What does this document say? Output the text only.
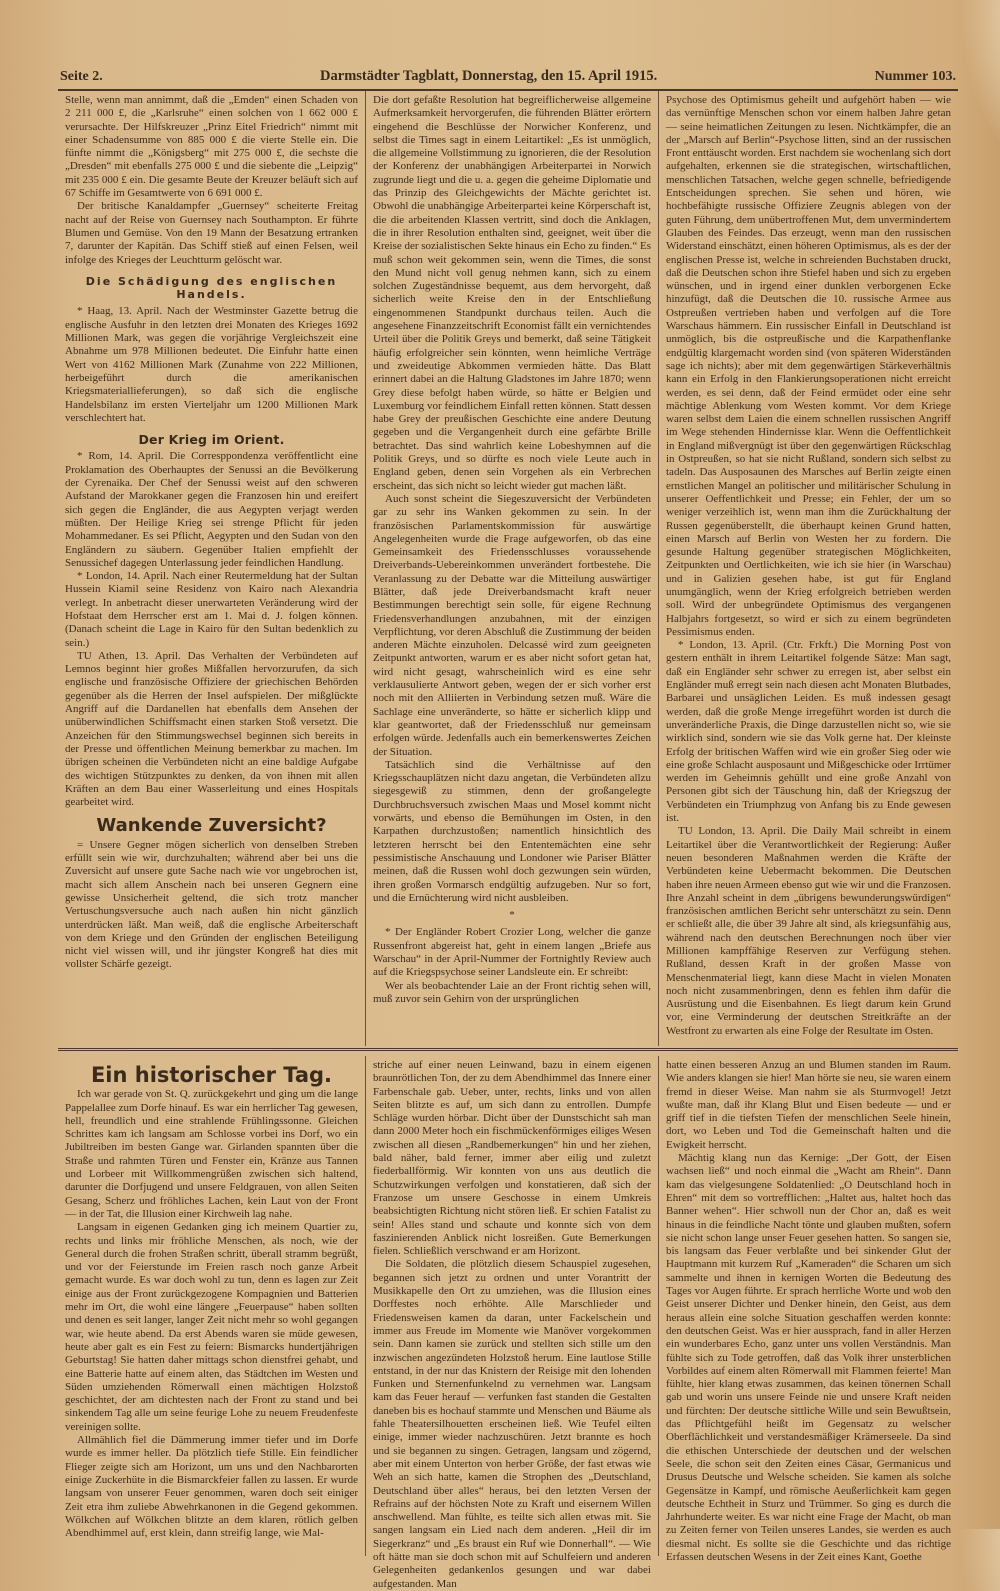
Seite 2.	Darmstädter Tagblatt, Donnerstag, den 15. April 1915.	Nummer 103.

Stelle, wenn man annimmt, daß die „Emden“ einen Schaden von 2 211 000 £, die „Karlsruhe“ einen solchen von 1 662 000 £ verursachte. Der Hilfskreuzer „Prinz Eitel Friedrich“ nimmt mit einer Schadensumme von 885 000 £ die vierte Stelle ein. Die fünfte nimmt die „Königsberg“ mit 275 000 £, die sechste die „Dresden“ mit ebenfalls 275 000 £ und die siebente die „Leipzig“ mit 235 000 £ ein. Die gesamte Beute der Kreuzer beläuft sich auf 67 Schiffe im Gesamtwerte von 6 691 000 £.

Der britische Kanaldampfer „Guernsey“ scheiterte Freitag nacht auf der Reise von Guernsey nach Southampton. Er führte Blumen und Gemüse. Von den 19 Mann der Besatzung ertranken 7, darunter der Kapitän. Das Schiff stieß auf einen Felsen, weil infolge des Krieges der Leuchtturm gelöscht war.

Die Schädigung des englischen Handels.

* Haag, 13. April. Nach der Westminster Gazette betrug die englische Ausfuhr in den letzten drei Monaten des Krieges 1692 Millionen Mark, was gegen die vorjährige Vergleichszeit eine Abnahme um 978 Millionen bedeutet. Die Einfuhr hatte einen Wert von 4162 Millionen Mark (Zunahme von 222 Millionen, herbeigeführt durch die amerikanischen Kriegsmateriallieferungen), so daß sich die englische Handelsbilanz im ersten Vierteljahr um 1200 Millionen Mark verschlechtert hat.

Der Krieg im Orient.

* Rom, 14. April. Die Corresppondenza veröffentlicht eine Proklamation des Oberhauptes der Senussi an die Bevölkerung der Cyrenaika. Der Chef der Senussi weist auf den schweren Aufstand der Marokkaner gegen die Franzosen hin und ereifert sich gegen die Engländer, die aus Aegypten verjagt werden müßten. Der Heilige Krieg sei strenge Pflicht für jeden Mohammedaner. Es sei Pflicht, Aegypten und den Sudan von den Engländern zu säubern. Gegenüber Italien empfiehlt der Senussichef dagegen Unterlassung jeder feindlichen Handlung.

* London, 14. April. Nach einer Reutermeldung hat der Sultan Hussein Kiamil seine Residenz von Kairo nach Alexandria verlegt. In anbetracht dieser unerwarteten Veränderung wird der Hofstaat dem Herrscher erst am 1. Mai d. J. folgen können. (Danach scheint die Lage in Kairo für den Sultan bedenklich zu sein.)

TU Athen, 13. April. Das Verhalten der Verbündeten auf Lemnos beginnt hier großes Mißfallen hervorzurufen, da sich englische und französische Offiziere der griechischen Behörden gegenüber als die Herren der Insel aufspielen. Der mißglückte Angriff auf die Dardanellen hat ebenfalls dem Ansehen der unüberwindlichen Schiffsmacht einen starken Stoß versetzt. Die Anzeichen für den Stimmungswechsel beginnen sich bereits in der Presse und öffentlichen Meinung bemerkbar zu machen. Im übrigen scheinen die Verbündeten nicht an eine baldige Aufgabe des wichtigen Stützpunktes zu denken, da von ihnen mit allen Kräften an dem Bau einer Wasserleitung und eines Hospitals gearbeitet wird.

Wankende Zuversicht?

= Unsere Gegner mögen sicherlich von denselben Streben erfüllt sein wie wir, durchzuhalten; während aber bei uns die Zuversicht auf unsere gute Sache nach wie vor ungebrochen ist, macht sich allem Anschein nach bei unseren Gegnern eine gewisse Unsicherheit geltend, die sich trotz mancher Vertuschungsversuche auch nach außen hin nicht gänzlich unterdrücken läßt. Man weiß, daß die englische Arbeiterschaft von dem Kriege und den Gründen der englischen Beteiligung nicht viel wissen will, und ihr jüngster Kongreß hat dies mit vollster Schärfe gezeigt.

Die dort gefaßte Resolution hat begreiflicherweise allgemeine Aufmerksamkeit hervorgerufen, die führenden Blätter erörtern eingehend die Beschlüsse der Norwicher Konferenz, und selbst die Times sagt in einem Leitartikel: „Es ist unmöglich, die allgemeine Vollstimmung zu ignorieren, die der Resolution der Konferenz der unabhängigen Arbeiterpartei in Norwich zugrunde liegt und die u. a. gegen die geheime Diplomatie und das Prinzip des Gleichgewichts der Mächte gerichtet ist. Obwohl die unabhängige Arbeiterpartei keine Körperschaft ist, die die arbeitenden Klassen vertritt, sind doch die Anklagen, die in ihrer Resolution enthalten sind, geeignet, weit über die Kreise der sozialistischen Sekte hinaus ein Echo zu finden.“ Es muß schon weit gekommen sein, wenn die Times, die sonst den Mund nicht voll genug nehmen kann, sich zu einem solchen Zugeständnisse bequemt, aus dem hervorgeht, daß sicherlich weite Kreise den in der Entschließung eingenommenen Standpunkt durchaus teilen. Auch die angesehene Finanzzeitschrift Economist fällt ein vernichtendes Urteil über die Politik Greys und bemerkt, daß seine Tätigkeit häufig erfolgreicher sein könnten, wenn heimliche Verträge und zweideutige Abkommen vermieden hätte. Das Blatt erinnert dabei an die Haltung Gladstones im Jahre 1870; wenn Grey diese befolgt haben würde, so hätte er Belgien und Luxemburg vor feindlichem Einfall retten können. Statt dessen habe Grey der preußischen Geschichte eine andere Deutung gegeben und die Vergangenheit durch eine gefärbte Brille betrachtet. Das sind wahrlich keine Lobeshymnen auf die Politik Greys, und so dürfte es noch viele Leute auch in England geben, denen sein Vorgehen als ein Verbrechen erscheint, das sich nicht so leicht wieder gut machen läßt.

Auch sonst scheint die Siegeszuversicht der Verbündeten gar zu sehr ins Wanken gekommen zu sein. In der französischen Parlamentskommission für auswärtige Angelegenheiten wurde die Frage aufgeworfen, ob das eine Gemeinsamkeit des Friedensschlusses voraussehende Dreiverbands-Uebereinkommen unverändert fortbestehe. Die Veranlassung zu der Debatte war die Mitteilung auswärtiger Blätter, daß jede Dreiverbandsmacht kraft neuer Bestimmungen berechtigt sein solle, für eigene Rechnung Friedensverhandlungen anzubahnen, mit der einzigen Verpflichtung, vor deren Abschluß die Zustimmung der beiden anderen Mächte einzuholen. Delcassé wird zum geeigneten Zeitpunkt antworten, warum er es aber nicht sofort getan hat, wird nicht gesagt, wahrscheinlich wird es eine sehr verklausulierte Antwort geben, wegen der er sich vorher erst noch mit den Alliierten in Verbindung setzen muß. Wäre die Sachlage eine unveränderte, so hätte er sicherlich klipp und klar geantwortet, daß der Friedensschluß nur gemeinsam erfolgen würde. Jedenfalls auch ein bemerkenswertes Zeichen der Situation.

Tatsächlich sind die Verhältnisse auf den Kriegsschauplätzen nicht dazu angetan, die Verbündeten allzu siegesgewiß zu stimmen, denn der großangelegte Durchbruchsversuch zwischen Maas und Mosel kommt nicht vorwärts, und ebenso die Bemühungen im Osten, in den Karpathen durchzustoßen; namentlich hinsichtlich des letzteren herrscht bei den Ententemächten eine sehr pessimistische Anschauung und Londoner wie Pariser Blätter meinen, daß die Russen wohl doch gezwungen sein würden, ihren großen Vormarsch endgültig aufzugeben. Nur so fort, und die Ernüchterung wird nicht ausbleiben.

*

* Der Engländer Robert Crozier Long, welcher die ganze Russenfront abgereist hat, geht in einem langen „Briefe aus Warschau“ in der April-Nummer der Fortnightly Review auch auf die Kriegspsychose seiner Landsleute ein. Er schreibt:

Wer als beobachtender Laie an der Front richtig sehen will, muß zuvor sein Gehirn von der ursprünglichen

Psychose des Optimismus geheilt und aufgehört haben — wie das vernünftige Menschen schon vor einem halben Jahre getan — seine heimatlichen Zeitungen zu lesen. Nichtkämpfer, die an der „Marsch auf Berlin“-Psychose litten, sind an der russischen Front enttäuscht worden. Erst nachdem sie wochenlang sich dort aufgehalten, erkennen sie die strategischen, wirtschaftlichen, menschlichen Tatsachen, welche gegen schnelle, befriedigende Entscheidungen sprechen. Sie sehen und hören, wie hochbefähigte russische Offiziere Zeugnis ablegen von der guten Führung, dem unübertroffenen Mut, dem unvermindertem Glauben des Feindes. Das erzeugt, wenn man den russischen Widerstand einschätzt, einen höheren Optimismus, als es der der englischen Presse ist, welche in schreienden Buchstaben druckt, daß die Deutschen schon ihre Stiefel haben und sich zu ergeben wünschen, und in irgend einer dunklen verborgenen Ecke hinzufügt, daß die Deutschen die 10. russische Armee aus Ostpreußen vertrieben haben und verfolgen auf die Tore Warschaus hämmern. Ein russischer Einfall in Deutschland ist unmöglich, bis die ostpreußische und die Karpathenflanke endgültig klargemacht worden sind (von späteren Widerständen sage ich nichts); aber mit dem gegenwärtigen Stärkeverhältnis kann ein Erfolg in den Flankierungsoperationen nicht erreicht werden, es sei denn, daß der Feind ermüdet oder eine sehr mächtige Ablenkung vom Westen kommt. Vor dem Kriege waren selbst dem Laien die einem schnellen russischen Angriff im Wege stehenden Hindernisse klar. Wenn die Oeffentlichkeit in England mißvergnügt ist über den gegenwärtigen Rückschlag in Ostpreußen, so hat sie nicht Rußland, sondern sich selbst zu tadeln. Das Ausposaunen des Marsches auf Berlin zeigte einen ernstlichen Mangel an politischer und militärischer Schulung in unserer Oeffentlichkeit und Presse; ein Fehler, der um so weniger verzeihlich ist, wenn man ihm die Zurückhaltung der Russen gegenüberstellt, die überhaupt keinen Grund hatten, einen Marsch auf Berlin von Westen her zu fordern. Die gesunde Haltung gegenüber strategischen Möglichkeiten, Zeitpunkten und Oertlichkeiten, wie ich sie hier (in Warschau) und in Galizien gesehen habe, ist gut für England unumgänglich, wenn der Krieg erfolgreich betrieben werden soll. Wird der unbegründete Optimismus des vergangenen Halbjahrs fortgesetzt, so wird er sich zu einem begründeten Pessimismus enden.

* London, 13. April. (Ctr. Frkft.) Die Morning Post von gestern enthält in ihrem Leitartikel folgende Sätze: Man sagt, daß ein Engländer sehr schwer zu erregen ist, aber selbst ein Engländer muß erregt sein nach diesen acht Monaten Blutbades, Barbarei und unsäglichen Leiden. Es muß indessen gesagt werden, daß die große Menge irregeführt worden ist durch die unveränderliche Praxis, die Dinge darzustellen nicht so, wie sie wirklich sind, sondern wie sie das Volk gerne hat. Der kleinste Erfolg der britischen Waffen wird wie ein großer Sieg oder wie eine große Schlacht ausposaunt und Mißgeschicke oder Irrtümer werden im Geheimnis gehüllt und eine große Anzahl von Personen gibt sich der Täuschung hin, daß der Kriegszug der Verbündeten ein Triumphzug von Anfang bis zu Ende gewesen ist.

TU London, 13. April. Die Daily Mail schreibt in einem Leitartikel über die Verantwortlichkeit der Regierung: Außer neuen besonderen Maßnahmen werden die Kräfte der Verbündeten keine Uebermacht bekommen. Die Deutschen haben ihre neuen Armeen ebenso gut wie wir und die Franzosen. Ihre Anzahl scheint in dem „übrigens bewunderungswürdigen“ französischen amtlichen Bericht sehr unterschätzt zu sein. Denn er schließt alle, die über 39 Jahre alt sind, als kriegsunfähig aus, während nach den deutschen Berechnungen noch über vier Millionen kampffähige Reserven zur Verfügung stehen. Rußland, dessen Kraft in der großen Masse von Menschenmaterial liegt, kann diese Macht in vielen Monaten noch nicht zusammenbringen, denn es fehlen ihm dafür die Ausrüstung und die Eisenbahnen. Es liegt darum kein Grund vor, eine Verminderung der deutschen Streitkräfte an der Westfront zu erwarten als eine Folge der Resultate im Osten.

Ein historischer Tag.

Ich war gerade von St. Q. zurückgekehrt und ging um die lange Pappelallee zum Dorfe hinauf. Es war ein herrlicher Tag gewesen, hell, freundlich und eine strahlende Frühlingssonne. Gleichen Schrittes kam ich langsam am Schlosse vorbei ins Dorf, wo ein Jubiltreiben im besten Gange war. Girlanden spannten über die Straße und rahmten Türen und Fenster ein, Kränze aus Tannen und Lorbeer mit Willkommengrüßen zwischen sich haltend, darunter die Dorfjugend und unsere Feldgrauen, von allen Seiten Gesang, Scherz und fröhliches Lachen, kein Laut von der Front — in der Tat, die Illusion einer Kirchweih lag nahe.

Langsam in eigenen Gedanken ging ich meinem Quartier zu, rechts und links mir fröhliche Menschen, als noch, wie der General durch die frohen Straßen schritt, überall stramm begrüßt, und vor der Feierstunde im Freien rasch noch ganze Arbeit gemacht wurde. Es war doch wohl zu tun, denn es lagen zur Zeit einige aus der Front zurückgezogene Kompagnien und Batterien mehr im Ort, die wohl eine längere „Feuerpause“ haben sollten und denen es seit langer, langer Zeit nicht mehr so wohl gegangen war, wie heute abend. Da erst Abends waren sie müde gewesen, heute aber galt es ein Fest zu feiern: Bismarcks hundertjährigen Geburtstag! Sie hatten daher mittags schon dienstfrei gehabt, und eine Batterie hatte auf einem alten, das Städtchen im Westen und Süden umziehenden Römerwall einen mächtigen Holzstoß geschichtet, der am dichtesten nach der Front zu stand und bei sinkendem Tag alle um seine feurige Lohe zu neuem Freudenfeste vereinigen sollte.

Allmählich fiel die Dämmerung immer tiefer und im Dorfe wurde es immer heller. Da plötzlich tiefe Stille. Ein feindlicher Flieger zeigte sich am Horizont, um uns und den Nachbarorten einige Zuckerhüte in die Bismarckfeier fallen zu lassen. Er wurde langsam von unserer Feuer genommen, waren doch seit einiger Zeit etra ihm zuliebe Abwehrkanonen in die Gegend gekommen. Wölkchen auf Wölkchen blitzte an dem klaren, rötlich gelben Abendhimmel auf, erst klein, dann streifig lange, wie Mal-

striche auf einer neuen Leinwand, bazu in einem eigenen braunrötlichen Ton, der zu dem Abendhimmel das Innere einer Farbenschale gab. Ueber, unter, rechts, links und von allen Seiten blitzte es auf, um sich dann zu entrollen. Dumpfe Schläge wurden hörbar. Dicht über der Dunstschicht sah man dann 2000 Meter hoch ein fischmückenförmiges eiliges Wesen zwischen all diesen „Randbemerkungen“ hin und her ziehen, bald näher, bald ferner, immer aber eilig und zuletzt fiederballförmig. Wir konnten von uns aus deutlich die Schutzwirkungen verfolgen und konstatieren, daß sich der Franzose um unsere Geschosse in einem Umkreis beabsichtigten Richtung nicht stören ließ. Er schien Fatalist zu sein! Alles stand und schaute und konnte sich von dem faszinierenden Anblick nicht losreißen. Gute Bemerkungen fielen. Schließlich verschwand er am Horizont.

Die Soldaten, die plötzlich diesem Schauspiel zugesehen, begannen sich jetzt zu ordnen und unter Vorantritt der Musikkapelle den Ort zu umziehen, was die Illusion eines Dorffestes noch erhöhte. Alle Marschlieder und Friedensweisen kamen da daran, unter Fackelschein und immer aus Freude im Momente wie Manöver vorgekommen sein. Dann kamen sie zurück und stellten sich stille um den inzwischen angezündeten Holzstoß herum. Eine lautlose Stille entstand, in der nur das Knistern der Reisige mit den lohenden Funken und Sternenfunkelnd zu vernehmen war. Langsam kam das Feuer herauf — verfunken fast standen die Gestalten daneben bis es hochauf stammte und Menschen und Bäume als fahle Theatersilhouetten erscheinen ließ. Wie Teufel eilten einige, immer wieder nachzuschüren. Jetzt brannte es hoch und sie begannen zu singen. Getragen, langsam und zögernd, aber mit einem Unterton von herber Größe, der fast etwas wie Weh an sich hatte, kamen die Strophen des „Deutschland, Deutschland über alles“ heraus, bei den letzten Versen der Refrains auf der höchsten Note zu Kraft und eisernem Willen anschwellend. Man fühlte, es teilte sich allen etwas mit. Sie sangen langsam ein Lied nach dem anderen. „Heil dir im Siegerkranz“ und „Es braust ein Ruf wie Donnerhall“. — Wie oft hätte man sie doch schon mit auf Schulfeiern und anderen Gelegenheiten gedankenlos gesungen und war dabei aufgestanden. Man

hatte einen besseren Anzug an und Blumen standen im Raum. Wie anders klangen sie hier! Man hörte sie neu, sie waren einem fremd in dieser Weise. Man nahm sie als Sturmvogel! Jetzt wußte man, daß ihr Klang Blut und Eisen bedeute — und er griff tief in die tiefsten Tiefen der menschlichen Seele hinein, dort, wo Leben und Tod die Gemeinschaft halten und die Ewigkeit herrscht.

Mächtig klang nun das Kernige: „Der Gott, der Eisen wachsen ließ“ und noch einmal die „Wacht am Rhein“. Dann kam das vielgesungene Soldatenlied: „O Deutschland hoch in Ehren“ mit dem so vortrefflichen: „Haltet aus, haltet hoch das Banner wehen“. Hier schwoll nun der Chor an, daß es weit hinaus in die feindliche Nacht tönte und glauben mußten, sofern sie nicht schon lange unser Feuer gesehen hatten. So sangen sie, bis langsam das Feuer verblaßte und bei sinkender Glut der Hauptmann mit kurzem Ruf „Kameraden“ die Scharen um sich sammelte und ihnen in kernigen Worten die Bedeutung des Tages vor Augen führte. Er sprach herrliche Worte und wob den Geist unserer Dichter und Denker hinein, den Geist, aus dem heraus allein eine solche Situation geschaffen werden konnte: den deutschen Geist. Was er hier aussprach, fand in aller Herzen ein wunderbares Echo, ganz unter uns vollen Verständnis. Man fühlte sich zu Tode getroffen, daß das Volk ihrer unsterblichen Vorbildes auf einem alten Römerwall mit Flammen feierte! Man fühlte, hier klang etwas zusammen, das keinen tönernen Schall gab und worin uns unsere Feinde nie und unsere Kraft neiden und fürchten: Der deutsche sittliche Wille und sein Bewußtsein, das Pflichtgefühl heißt im Gegensatz zu welscher Oberflächlichkeit und verstandesmäßiger Krämerseele. Da sind die ethischen Unterschiede der deutschen und der welschen Seele, die schon seit den Zeiten eines Cäsar, Germanicus und Drusus Deutsche und Welsche scheiden. Sie kamen als solche Gegensätze in Kampf, und römische Aeußerlichkeit kam gegen deutsche Echtheit in Sturz und Trümmer. So ging es durch die Jahrhunderte weiter. Es war nicht eine Frage der Macht, ob man zu Zeiten ferner von Teilen unseres Landes, sie werden es auch diesmal nicht. Es sollte sie die Geschichte und das richtige Erfassen deutschen Wesens in der Zeit eines Kant, Goethe
